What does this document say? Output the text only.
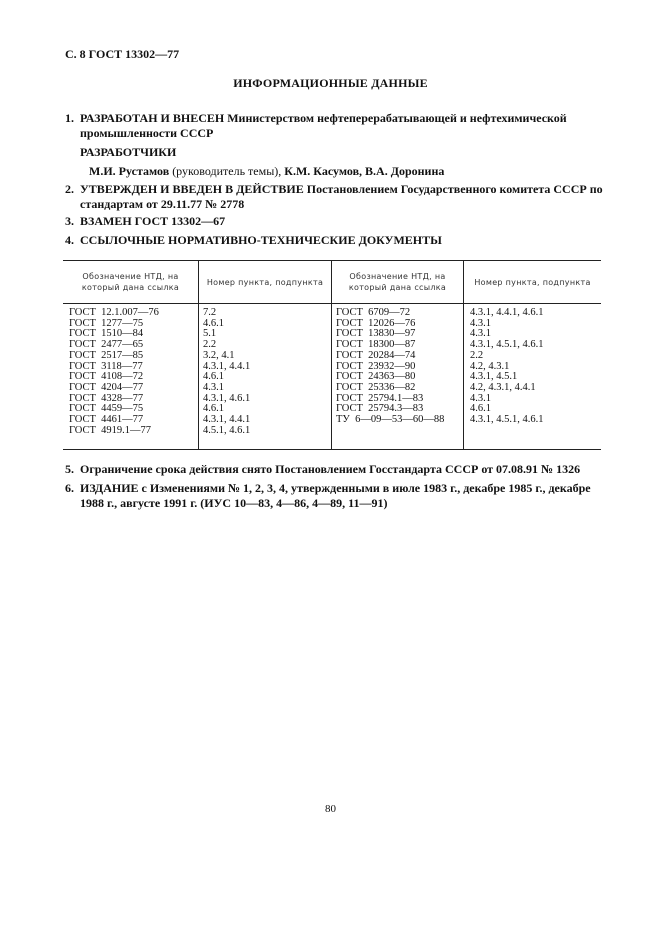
С. 8 ГОСТ 13302—77
ИНФОРМАЦИОННЫЕ ДАННЫЕ
1. РАЗРАБОТАН И ВНЕСЕН Министерством нефтеперерабатывающей и нефтехимической промышленности СССР
РАЗРАБОТЧИКИ
М.И. Рустамов (руководитель темы), К.М. Касумов, В.А. Доронина
2. УТВЕРЖДЕН И ВВЕДЕН В ДЕЙСТВИЕ Постановлением Государственного комитета СССР по стандартам от 29.11.77 № 2778
3. ВЗАМЕН ГОСТ 13302—67
4. ССЫЛОЧНЫЕ НОРМАТИВНО-ТЕХНИЧЕСКИЕ ДОКУМЕНТЫ
Обозначение НТД, на который дана ссылка
Номер пункта, подпункта
Обозначение НТД, на который дана ссылка
Номер пункта, подпункта
ГОСТ  12.1.007—76
ГОСТ  1277—75
ГОСТ  1510—84
ГОСТ  2477—65
ГОСТ  2517—85
ГОСТ  3118—77
ГОСТ  4108—72
ГОСТ  4204—77
ГОСТ  4328—77
ГОСТ  4459—75
ГОСТ  4461—77
ГОСТ  4919.1—77
7.2
4.6.1
5.1
2.2
3.2, 4.1
4.3.1, 4.4.1
4.6.1
4.3.1
4.3.1, 4.6.1
4.6.1
4.3.1, 4.4.1
4.5.1, 4.6.1
ГОСТ  6709—72
ГОСТ  12026—76
ГОСТ  13830—97
ГОСТ  18300—87
ГОСТ  20284—74
ГОСТ  23932—90
ГОСТ  24363—80
ГОСТ  25336—82
ГОСТ  25794.1—83
ГОСТ  25794.3—83
ТУ  6—09—53—60—88
4.3.1, 4.4.1, 4.6.1
4.3.1
4.3.1
4.3.1, 4.5.1, 4.6.1
2.2
4.2, 4.3.1
4.3.1, 4.5.1
4.2, 4.3.1, 4.4.1
4.3.1
4.6.1
4.3.1, 4.5.1, 4.6.1
5. Ограничение срока действия снято Постановлением Госстандарта СССР от 07.08.91 № 1326
6. ИЗДАНИЕ с Изменениями № 1, 2, 3, 4, утвержденными в июле 1983 г., декабре 1985 г., декабре 1988 г., августе 1991 г. (ИУС 10—83, 4—86, 4—89, 11—91)
80
